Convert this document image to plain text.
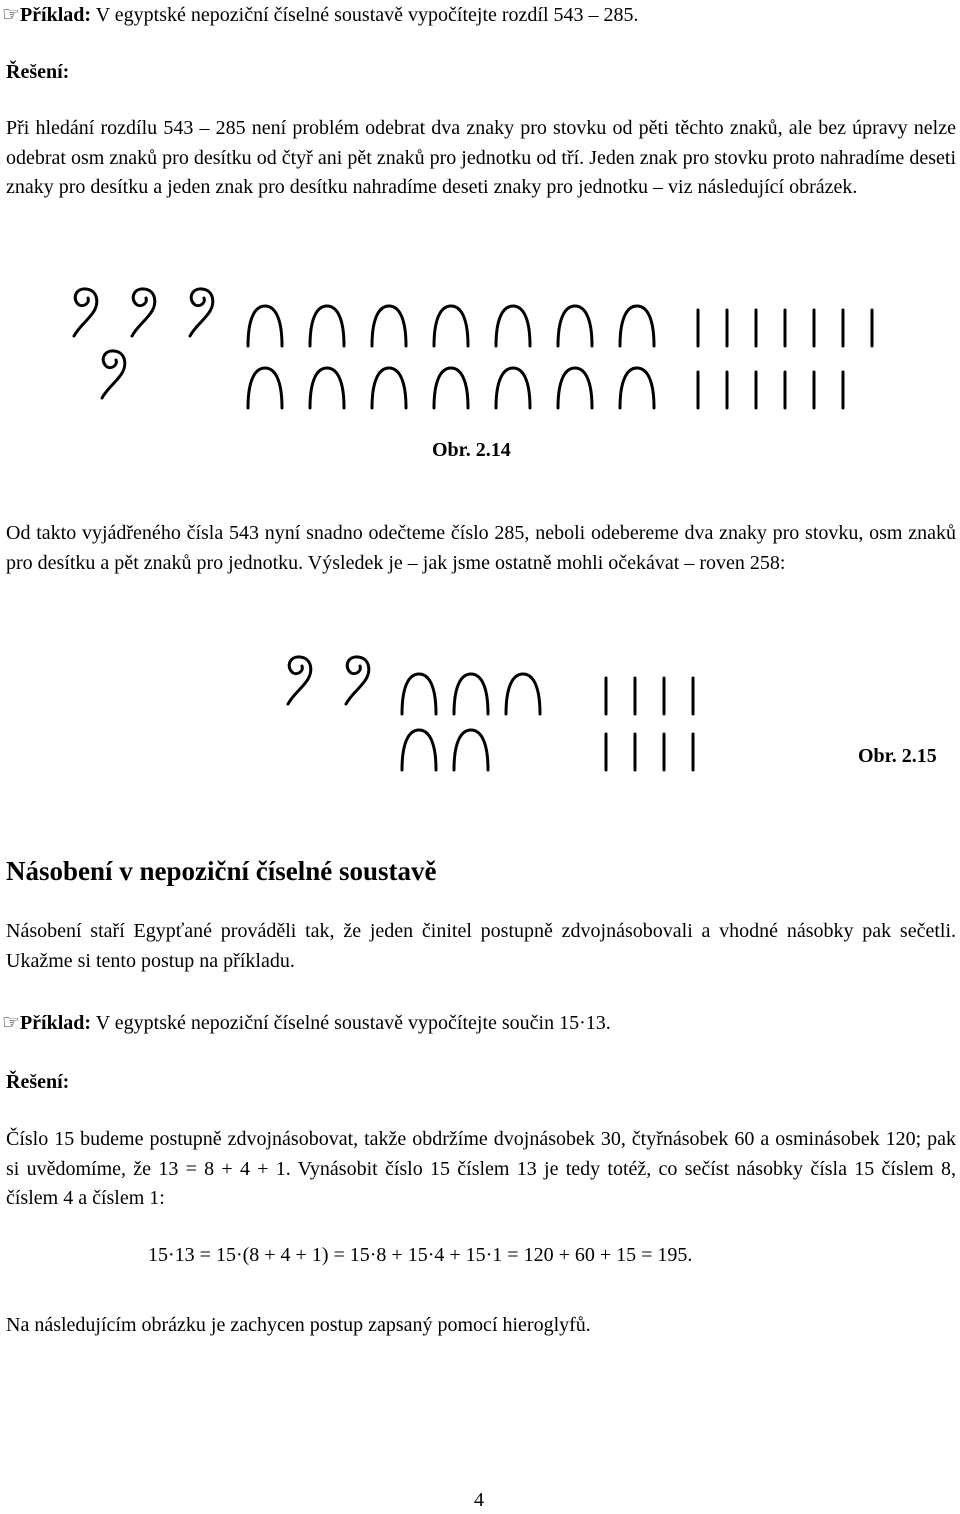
☞Příklad: V egyptské nepoziční číselné soustavě vypočítejte rozdíl 543 – 285.
Řešení:
Při hledání rozdílu 543 – 285 není problém odebrat dva znaky pro stovku od pěti těchto znaků, ale bez úpravy nelze odebrat osm znaků pro desítku od čtyř ani pět znaků pro jednotku od tří. Jeden znak pro stovku proto nahradíme deseti znaky pro desítku a jeden znak pro desítku nahradíme deseti znaky pro jednotku – viz následující obrázek.
Obr. 2.14
Od takto vyjádřeného čísla 543 nyní snadno odečteme číslo 285, neboli odebereme dva znaky pro stovku, osm znaků pro desítku a pět znaků pro jednotku. Výsledek je – jak jsme ostatně mohli očekávat – roven 258:
Obr. 2.15
Násobení v nepoziční číselné soustavě
Násobení staří Egypťané prováděli tak, že jeden činitel postupně zdvojnásobovali a vhodné násobky pak sečetli. Ukažme si tento postup na příkladu.
☞Příklad: V egyptské nepoziční číselné soustavě vypočítejte součin 15·13.
Řešení:
Číslo 15 budeme postupně zdvojnásobovat, takže obdržíme dvojnásobek 30, čtyřnásobek 60 a osminásobek 120; pak si uvědomíme, že 13 = 8 + 4 + 1. Vynásobit číslo 15 číslem 13 je tedy totéž, co sečíst násobky čísla 15 číslem 8, číslem 4 a číslem 1:
15·13 = 15·(8 + 4 + 1) = 15·8 + 15·4 + 15·1 = 120 + 60 + 15 = 195.
Na následujícím obrázku je zachycen postup zapsaný pomocí hieroglyfů.
4
